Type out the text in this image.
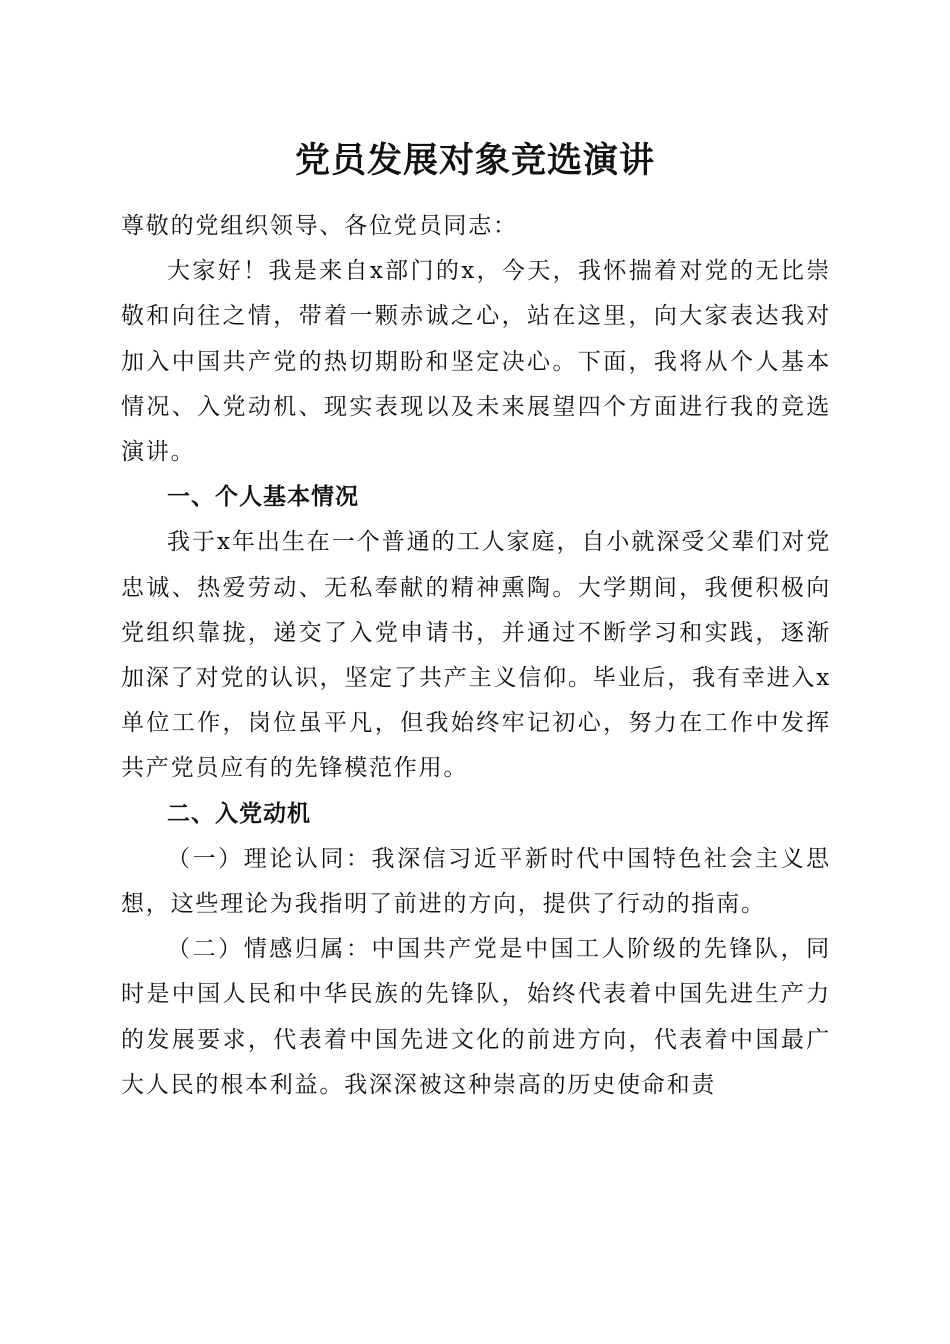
党员发展对象竞选演讲

尊敬的党组织领导、各位党员同志：

大家好！我是来自x部门的x，今天，我怀揣着对党的无比崇敬和向往之情，带着一颗赤诚之心，站在这里，向大家表达我对加入中国共产党的热切期盼和坚定决心。下面，我将从个人基本情况、入党动机、现实表现以及未来展望四个方面进行我的竞选演讲。

一、个人基本情况

我于x年出生在一个普通的工人家庭，自小就深受父辈们对党忠诚、热爱劳动、无私奉献的精神熏陶。大学期间，我便积极向党组织靠拢，递交了入党申请书，并通过不断学习和实践，逐渐加深了对党的认识，坚定了共产主义信仰。毕业后，我有幸进入x单位工作，岗位虽平凡，但我始终牢记初心，努力在工作中发挥共产党员应有的先锋模范作用。

二、入党动机

（一）理论认同：我深信习近平新时代中国特色社会主义思想，这些理论为我指明了前进的方向，提供了行动的指南。

（二）情感归属：中国共产党是中国工人阶级的先锋队，同时是中国人民和中华民族的先锋队，始终代表着中国先进生产力的发展要求，代表着中国先进文化的前进方向，代表着中国最广大人民的根本利益。我深深被这种崇高的历史使命和责
